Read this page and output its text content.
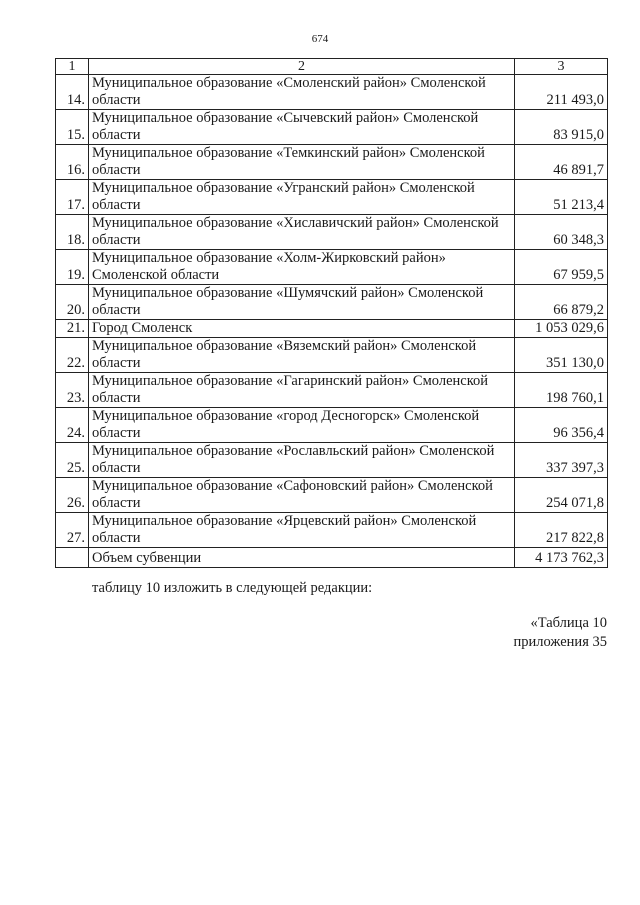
674
1	2	3
14.	Муниципальное образование «Смоленский район» Смоленской области	211 493,0
15.	Муниципальное образование «Сычевский район» Смоленской области	83 915,0
16.	Муниципальное образование «Темкинский район» Смоленской области	46 891,7
17.	Муниципальное образование «Угранский район» Смоленской области	51 213,4
18.	Муниципальное образование «Хиславичский район» Смоленской области	60 348,3
19.	Муниципальное образование «Холм-Жирковский район» Смоленской области	67 959,5
20.	Муниципальное образование «Шумячский район» Смоленской области	66 879,2
21.	Город Смоленск	1 053 029,6
22.	Муниципальное образование «Вяземский район» Смоленской области	351 130,0
23.	Муниципальное образование «Гагаринский район» Смоленской области	198 760,1
24.	Муниципальное образование «город Десногорск» Смоленской области	96 356,4
25.	Муниципальное образование «Рославльский район» Смоленской области	337 397,3
26.	Муниципальное образование «Сафоновский район» Смоленской области	254 071,8
27.	Муниципальное образование «Ярцевский район» Смоленской области	217 822,8
	Объем субвенции	4 173 762,3
таблицу 10 изложить в следующей редакции:
«Таблица 10
приложения 35
